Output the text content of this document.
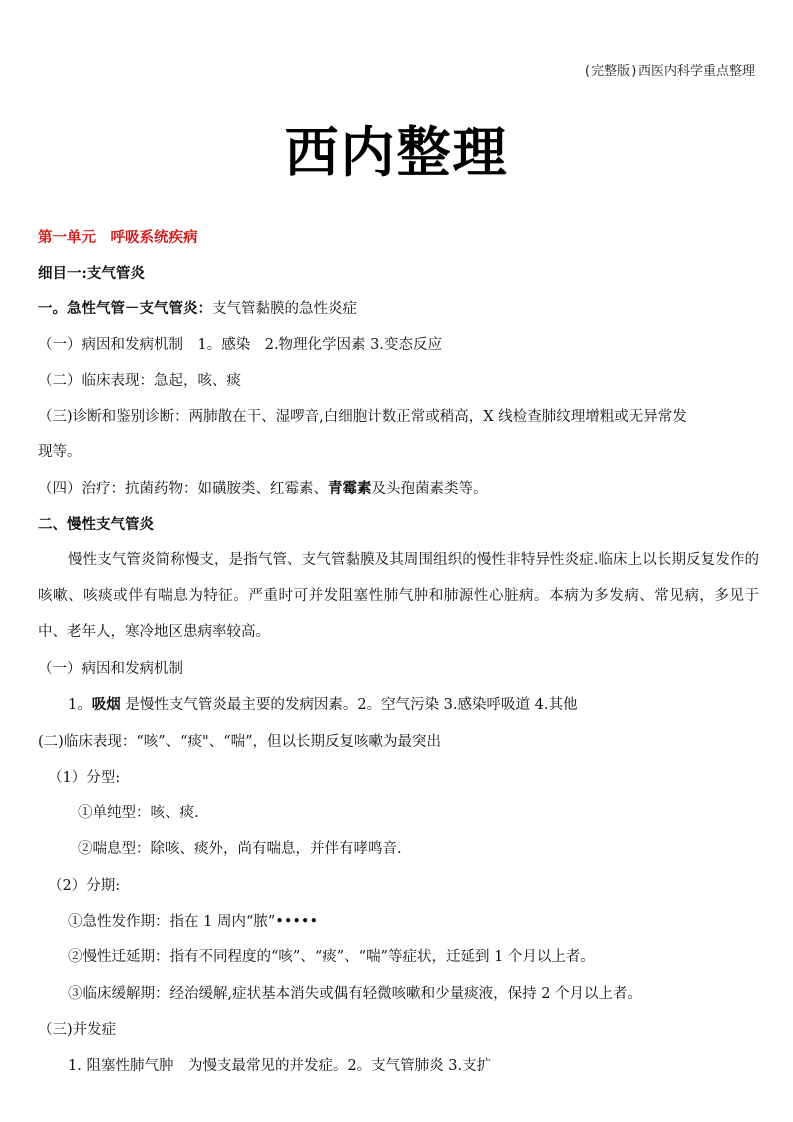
(完整版)西医内科学重点整理
西内整理
第一单元　呼吸系统疾病
细目一:支气管炎
一。急性气管－支气管炎：支气管黏膜的急性炎症
（一）病因和发病机制　1。感染　2.物理化学因素 3.变态反应
（二）临床表现：急起，咳、痰
（三)诊断和鉴别诊断：两肺散在干、湿啰音,白细胞计数正常或稍高，X 线检查肺纹理增粗或无异常发
现等。
（四）治疗：抗菌药物：如磺胺类、红霉素、青霉素及头孢菌素类等。
二、慢性支气管炎
慢性支气管炎简称慢支，是指气管、支气管黏膜及其周围组织的慢性非特异性炎症.临床上以长期反复发作的咳嗽、咳痰或伴有喘息为特征。严重时可并发阻塞性肺气肿和肺源性心脏病。本病为多发病、常见病，多见于中、老年人，寒冷地区患病率较高。
（一）病因和发病机制
1。吸烟 是慢性支气管炎最主要的发病因素。2。空气污染 3.感染呼吸道 4.其他
(二)临床表现：“咳”、“痰"、“喘”，但以长期反复咳嗽为最突出
（1）分型:
①单纯型：咳、痰.
②喘息型：除咳、痰外，尚有喘息，并伴有哮鸣音.
（2）分期:
①急性发作期：指在 1 周内“脓”•••••
②慢性迁延期：指有不同程度的“咳”、“痰”、“喘”等症状，迁延到 1 个月以上者。
③临床缓解期：经治缓解,症状基本消失或偶有轻微咳嗽和少量痰液，保持 2 个月以上者。
（三)并发症
1. 阻塞性肺气肿　为慢支最常见的并发症。2。支气管肺炎 3.支扩
